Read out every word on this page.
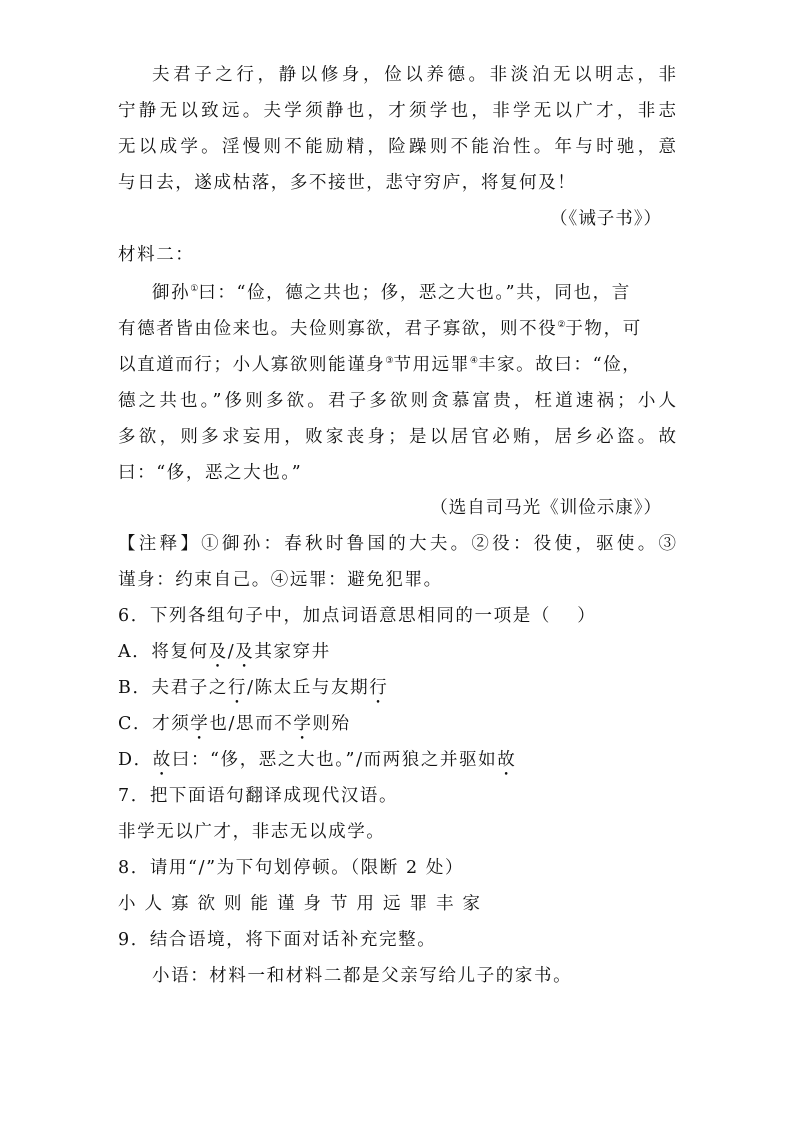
夫君子之行，静以修身，俭以养德。非淡泊无以明志，非
宁静无以致远。夫学须静也，才须学也，非学无以广才，非志
无以成学。淫慢则不能励精，险躁则不能治性。年与时驰，意
与日去，遂成枯落，多不接世，悲守穷庐，将复何及！
（《诫子书》）
材料二：
御孙①曰：“俭，德之共也；侈，恶之大也。”共，同也，言
有德者皆由俭来也。夫俭则寡欲，君子寡欲，则不役②于物，可
以直道而行；小人寡欲则能谨身③节用远罪④丰家。故曰：“俭，
德之共也。”侈则多欲。君子多欲则贪慕富贵，枉道速祸；小人
多欲，则多求妄用，败家丧身；是以居官必贿，居乡必盗。故
曰：“侈，恶之大也。”
（选自司马光《训俭示康》）
【注释】①御孙：春秋时鲁国的大夫。②役：役使，驱使。③
谨身：约束自己。④远罪：避免犯罪。
6．下列各组句子中，加点词语意思相同的一项是（　 ）
A．将复何及/及其家穿井
B．夫君子之行/陈太丘与友期行
C．才须学也/思而不学则殆
D．故曰：“侈，恶之大也。”/而两狼之并驱如故
7．把下面语句翻译成现代汉语。
非学无以广才，非志无以成学。
8．请用“/”为下句划停顿。（限断 2 处）
小人寡欲则能谨身节用远罪丰家
9．结合语境，将下面对话补充完整。
小语：材料一和材料二都是父亲写给儿子的家书。
